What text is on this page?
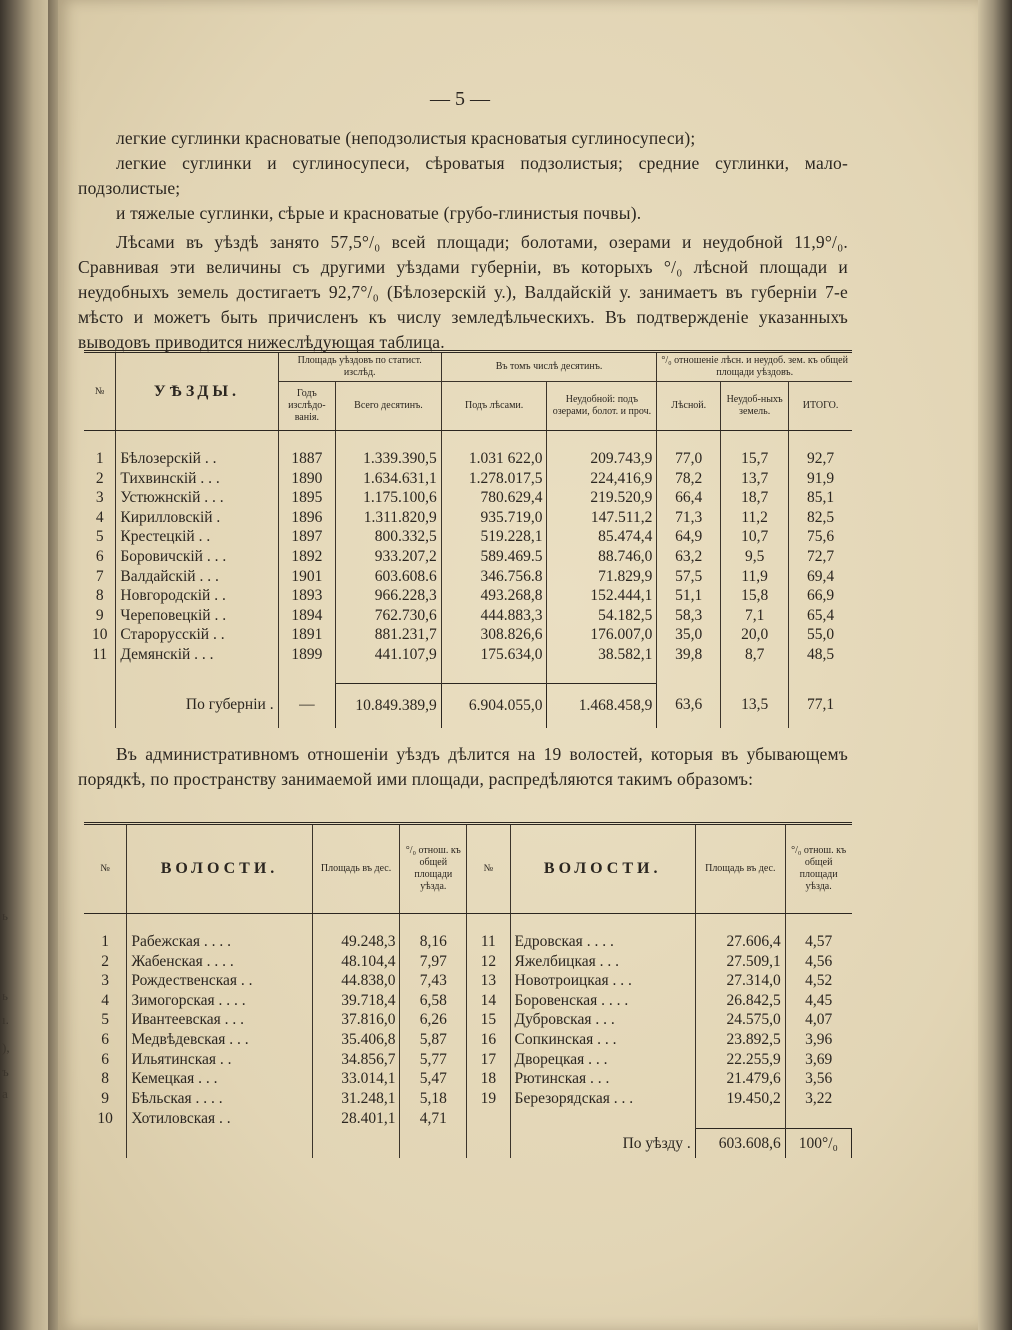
ь
ь
ı.
),
ъ
а
— 5 —

легкие суглинки красноватые (неподзолистыя красноватыя суглиносупеси);

легкие суглинки и суглиносупеси, сѣроватыя подзолистыя; средние суглинки, мало-подзолистые;

и тяжелые суглинки, сѣрые и красноватые (грубо-глинистыя почвы).

Лѣсами въ уѣздѣ занято 57,5°/₀ всей площади; болотами, озерами и неудобной 11,9°/₀. Сравнивая эти величины съ другими уѣздами губерніи, въ которыхъ °/₀ лѣсной площади и неудобныхъ земель достигаетъ 92,7°/₀ (Бѣлозерскій у.), Валдайскій у. занимаетъ въ губерніи 7-е мѣсто и можетъ быть причисленъ къ числу земледѣльческихъ. Въ подтвержденіе указанныхъ выводовъ приводится нижеслѣдующая таблица.

№	УѢЗДЫ.	Площадь уѣздовъ по статист. изслѣд.		Въ томъ числѣ десятинъ.		°/₀ отношеніе лѣсн. и неудоб. зем. къ общей площади уѣздовъ.		
		Годъ изслѣдо-ванія.	Всего десятинъ.	Подъ лѣсами.	Неудобной: подъ озерами, болот. и проч.	Лѣсной.	Неудоб-ныхъ земель.	ИТОГО.

1	Бѣлозерскій . .	1887	1.339.390,5	1.031 622,0	209.743,9	77,0	15,7	92,7
2	Тихвинскій . . .	1890	1.634.631,1	1.278.017,5	224,416,9	78,2	13,7	91,9
3	Устюжнскій . . .	1895	1.175.100,6	780.629,4	219.520,9	66,4	18,7	85,1
4	Кирилловскій .	1896	1.311.820,9	935.719,0	147.511,2	71,3	11,2	82,5
5	Крестецкій . .	1897	800.332,5	519.228,1	85.474,4	64,9	10,7	75,6
6	Боровичскій . . .	1892	933.207,2	589.469.5	88.746,0	63,2	9,5	72,7
7	Валдайскій . . .	1901	603.608.6	346.756.8	71.829,9	57,5	11,9	69,4
8	Новгородскій . .	1893	966.228,3	493.268,8	152.444,1	51,1	15,8	66,9
9	Череповецкій . .	1894	762.730,6	444.883,3	54.182,5	58,3	7,1	65,4
10	Старорусскій . .	1891	881.231,7	308.826,6	176.007,0	35,0	20,0	55,0
11	Демянскій . . .	1899	441.107,9	175.634,0	38.582,1	39,8	8,7	48,5

	По губерніи .	—	10.849.389,9	6.904.055,0	1.468.458,9	63,6	13,5	77,1

Въ административномъ отношеніи уѣздъ дѣлится на 19 волостей, которыя въ убывающемъ порядкѣ, по пространству занимаемой ими площади, распредѣляются такимъ образомъ:

№	ВОЛОСТИ.	Площадь въ дес.	°/₀ отнош. къ общей площади уѣзда.	№	ВОЛОСТИ.	Площадь въ дес.	°/₀ отнош. къ общей площади уѣзда.

1	Рабежская . . . .	49.248,3	8,16	11	Едровская . . . .	27.606,4	4,57
2	Жабенская . . . .	48.104,4	7,97	12	Яжелбицкая . . .	27.509,1	4,56
3	Рождественская . .	44.838,0	7,43	13	Новотроицкая . . .	27.314,0	4,52
4	Зимогорская . . . .	39.718,4	6,58	14	Боровенская . . . .	26.842,5	4,45
5	Ивантеевская . . .	37.816,0	6,26	15	Дубровская . . .	24.575,0	4,07
6	Медвѣдевская . . .	35.406,8	5,87	16	Сопкинская . . .	23.892,5	3,96
6	Ильятинская . .	34.856,7	5,77	17	Дворецкая . . .	22.255,9	3,69
8	Кемецкая . . .	33.014,1	5,47	18	Рютинская . . .	21.479,6	3,56
9	Бѣльская . . . .	31.248,1	5,18	19	Березорядская . . .	19.450,2	3,22
10	Хотиловская . .	28.401,1	4,71				
					По уѣзду .	603.608,6	100°/₀
